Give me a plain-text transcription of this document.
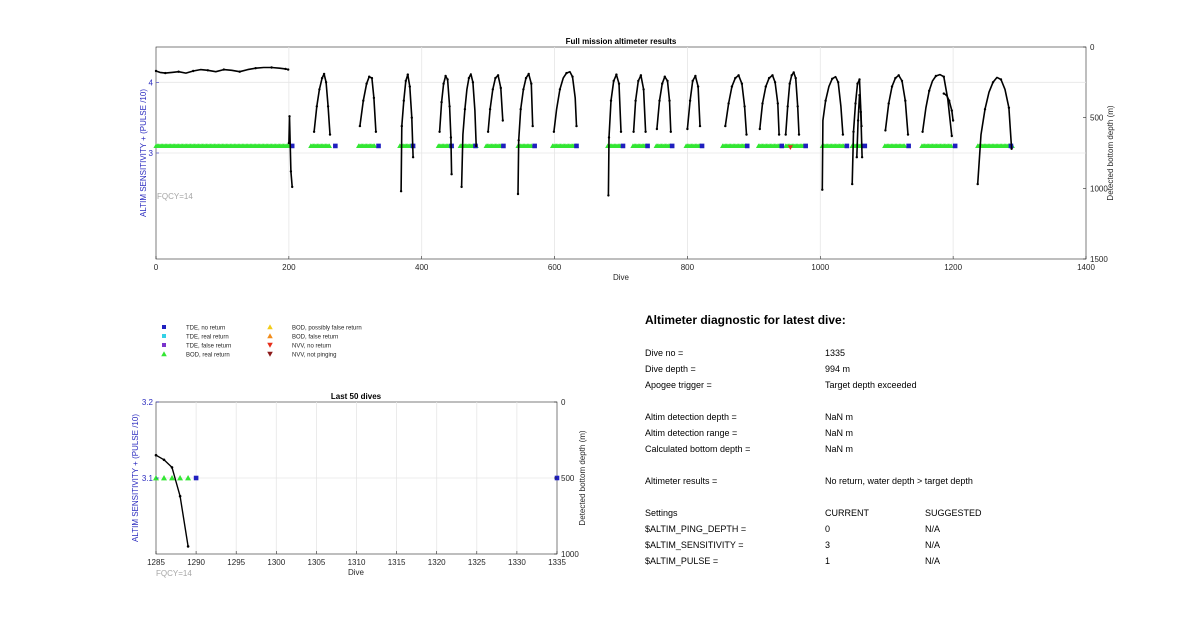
0	200	400	600	800	1000	1200	1400
3
4
0
500
1000
1500
Full mission altimeter results
Dive
ALTIM SENSITIVITY + (PULSE /10)	Detected bottom depth (m)
FQCY=14
TDE, no return
TDE, real return
TDE, false return
BOD, real return
BOD, possibly false return
BOD, false return
NVV, no return
NVV, not pinging
1285	1290	1295	1300	1305	1310	1315	1320	1325	1330	1335
3.1
3.2	0
500
1000
Last 50 dives
Dive
ALTIM SENSITIVITY + (PULSE /10)	Detected bottom depth (m)
FQCY=14
Altimeter diagnostic for latest dive:
Dive no =	1335
Dive depth =	994 m
Apogee trigger =	Target depth exceeded
Altim detection depth =	NaN m
Altim detection range =	NaN m
Calculated bottom depth =	NaN m
Altimeter results =	No return, water depth > target depth
Settings	CURRENT	SUGGESTED
$ALTIM_PING_DEPTH =	0	N/A
$ALTIM_SENSITIVITY =	3	N/A
$ALTIM_PULSE =	1	N/A
